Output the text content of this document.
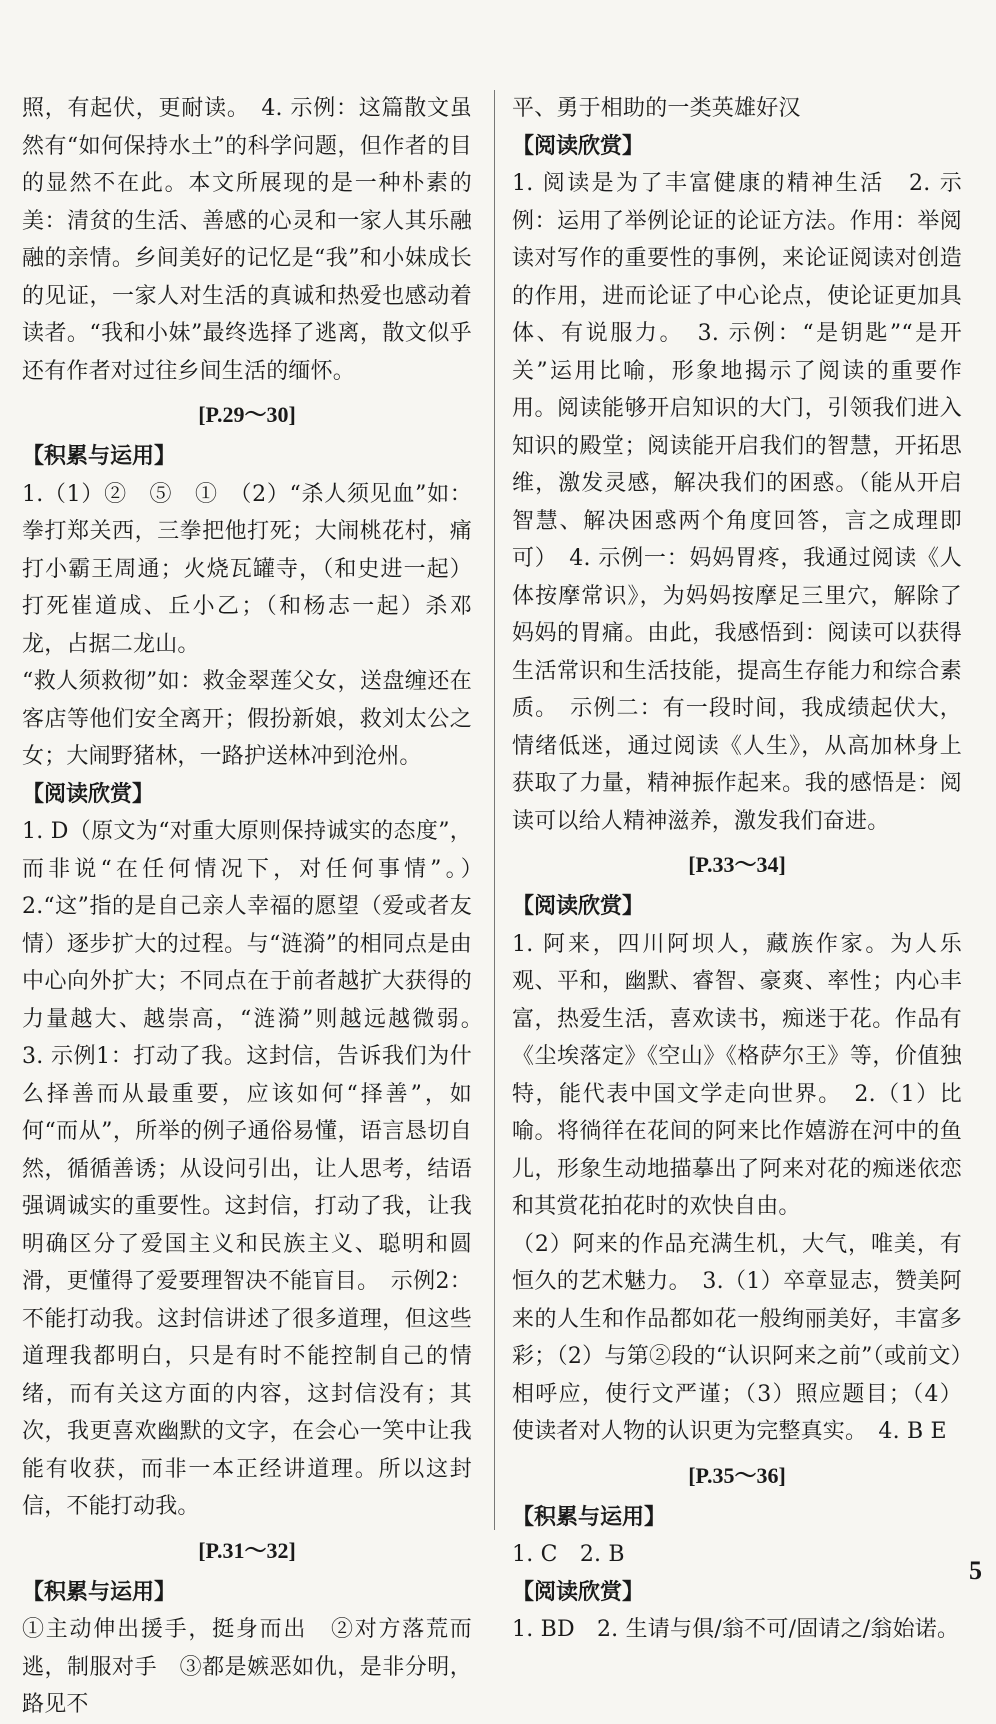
照，有起伏，更耐读。　4. 示例：这篇散文虽然有“如何保持水土”的科学问题，但作者的目的显然不在此。本文所展现的是一种朴素的美：清贫的生活、善感的心灵和一家人其乐融融的亲情。乡间美好的记忆是“我”和小妹成长的见证，一家人对生活的真诚和热爱也感动着读者。“我和小妹”最终选择了逃离，散文似乎还有作者对过往乡间生活的缅怀。

[P.29～30]
【积累与运用】

1.（1）②　⑤　①　（2）“杀人须见血”如：拳打郑关西，三拳把他打死；大闹桃花村，痛打小霸王周通；火烧瓦罐寺，（和史进一起）打死崔道成、丘小乙；（和杨志一起）杀邓龙，占据二龙山。

“救人须救彻”如：救金翠莲父女，送盘缠还在客店等他们安全离开；假扮新娘，救刘太公之女；大闹野猪林，一路护送林冲到沧州。

【阅读欣赏】

1. D（原文为“对重大原则保持诚实的态度”，而非说“在任何情况下，对任何事情”。）　2.“这”指的是自己亲人幸福的愿望（爱或者友情）逐步扩大的过程。与“涟漪”的相同点是由中心向外扩大；不同点在于前者越扩大获得的力量越大、越崇高，“涟漪”则越远越微弱。　3. 示例1：打动了我。这封信，告诉我们为什么择善而从最重要，应该如何“择善”，如何“而从”，所举的例子通俗易懂，语言恳切自然，循循善诱；从设问引出，让人思考，结语强调诚实的重要性。这封信，打动了我，让我明确区分了爱国主义和民族主义、聪明和圆滑，更懂得了爱要理智决不能盲目。　示例2：不能打动我。这封信讲述了很多道理，但这些道理我都明白，只是有时不能控制自己的情绪，而有关这方面的内容，这封信没有；其次，我更喜欢幽默的文字，在会心一笑中让我能有收获，而非一本正经讲道理。所以这封信，不能打动我。

[P.31～32]
【积累与运用】

①主动伸出援手，挺身而出　②对方落荒而逃，制服对手　③都是嫉恶如仇，是非分明，路见不

平、勇于相助的一类英雄好汉

【阅读欣赏】

1. 阅读是为了丰富健康的精神生活　2. 示例：运用了举例论证的论证方法。作用：举阅读对写作的重要性的事例，来论证阅读对创造的作用，进而论证了中心论点，使论证更加具体、有说服力。　3. 示例：“是钥匙”“是开关”运用比喻，形象地揭示了阅读的重要作用。阅读能够开启知识的大门，引领我们进入知识的殿堂；阅读能开启我们的智慧，开拓思维，激发灵感，解决我们的困惑。（能从开启智慧、解决困惑两个角度回答，言之成理即可）　4. 示例一：妈妈胃疼，我通过阅读《人体按摩常识》，为妈妈按摩足三里穴，解除了妈妈的胃痛。由此，我感悟到：阅读可以获得生活常识和生活技能，提高生存能力和综合素质。　示例二：有一段时间，我成绩起伏大，情绪低迷，通过阅读《人生》，从高加林身上获取了力量，精神振作起来。我的感悟是：阅读可以给人精神滋养，激发我们奋进。

[P.33～34]
【阅读欣赏】

1. 阿来，四川阿坝人，藏族作家。为人乐观、平和，幽默、睿智、豪爽、率性；内心丰富，热爱生活，喜欢读书，痴迷于花。作品有《尘埃落定》《空山》《格萨尔王》等，价值独特，能代表中国文学走向世界。　2.（1）比喻。将徜徉在花间的阿来比作嬉游在河中的鱼儿，形象生动地描摹出了阿来对花的痴迷依恋和其赏花拍花时的欢快自由。

（2）阿来的作品充满生机，大气，唯美，有恒久的艺术魅力。　3.（1）卒章显志，赞美阿来的人生和作品都如花一般绚丽美好，丰富多彩；（2）与第②段的“认识阿来之前”（或前文）相呼应，使行文严谨；（3）照应题目；（4）使读者对人物的认识更为完整真实。　4. B E

[P.35～36]
【积累与运用】

1. C　2. B

【阅读欣赏】

1. BD　2. 生请与俱/翁不可/固请之/翁始诺。

5
